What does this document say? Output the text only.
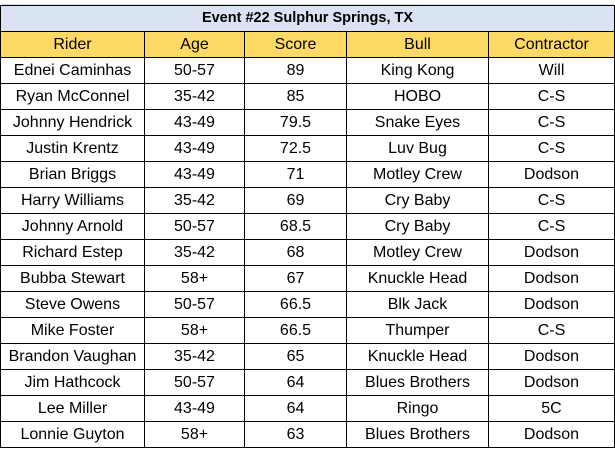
Event #22 Sulphur Springs, TX				
Rider	Age	Score	Bull	Contractor
Ednei Caminhas	50-57	89	King Kong	Will
Ryan McConnel	35-42	85	HOBO	C-S
Johnny Hendrick	43-49	79.5	Snake Eyes	C-S
Justin Krentz	43-49	72.5	Luv Bug	C-S
Brian Briggs	43-49	71	Motley Crew	Dodson
Harry Williams	35-42	69	Cry Baby	C-S
Johnny Arnold	50-57	68.5	Cry Baby	C-S
Richard Estep	35-42	68	Motley Crew	Dodson
Bubba Stewart	58+	67	Knuckle Head	Dodson
Steve Owens	50-57	66.5	Blk Jack	Dodson
Mike Foster	58+	66.5	Thumper	C-S
Brandon Vaughan	35-42	65	Knuckle Head	Dodson
Jim Hathcock	50-57	64	Blues Brothers	Dodson
Lee Miller	43-49	64	Ringo	5C
Lonnie Guyton	58+	63	Blues Brothers	Dodson
